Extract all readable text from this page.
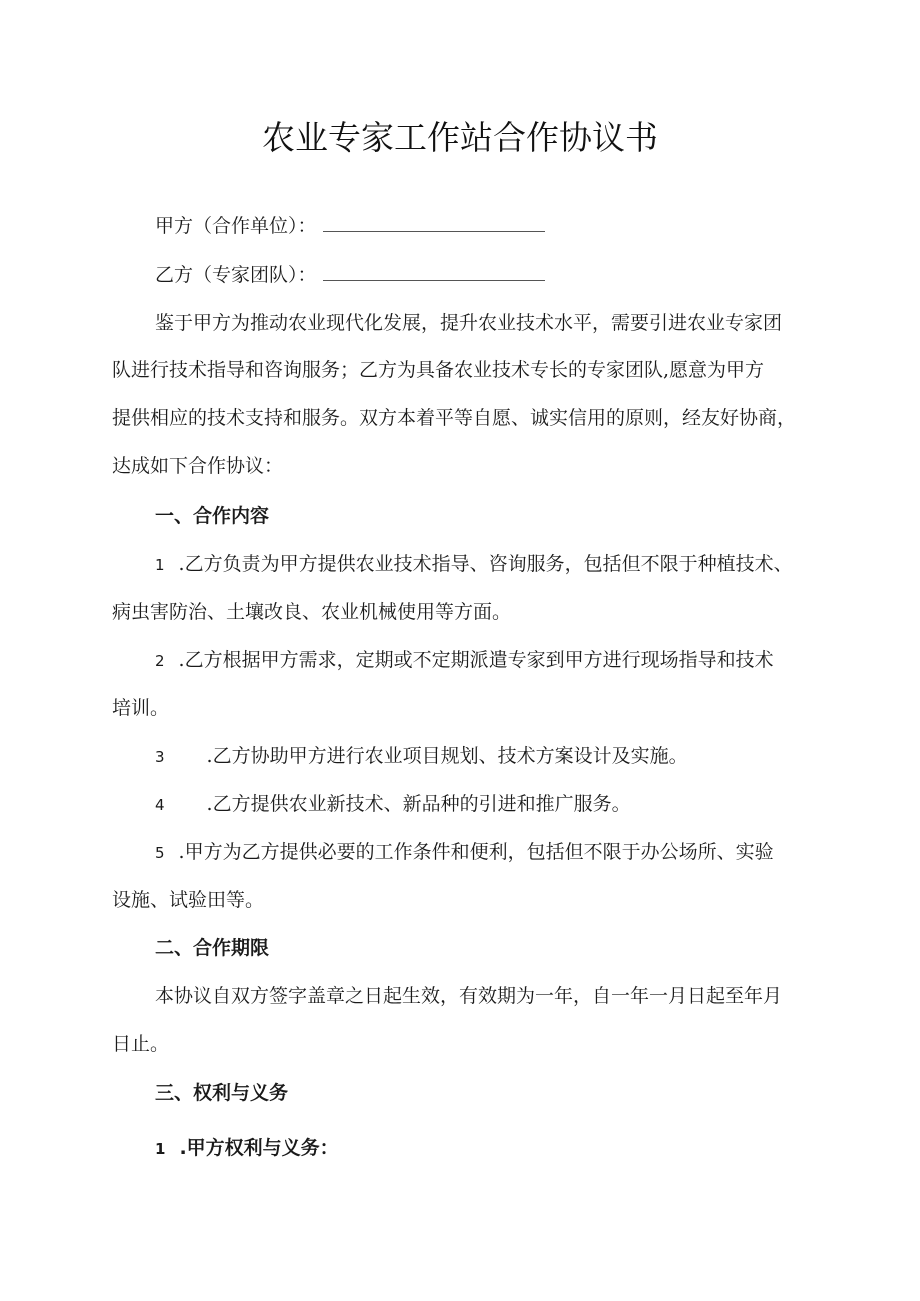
农业专家工作站合作协议书
甲方（合作单位）：
乙方（专家团队）：
鉴于甲方为推动农业现代化发展，提升农业技术水平，需要引进农业专家团
队进行技术指导和咨询服务；乙方为具备农业技术专长的专家团队,愿意为甲方
提供相应的技术支持和服务。双方本着平等自愿、诚实信用的原则，经友好协商，
达成如下合作协议：
一、合作内容
1 .乙方负责为甲方提供农业技术指导、咨询服务，包括但不限于种植技术、
病虫害防治、土壤改良、农业机械使用等方面。
2 .乙方根据甲方需求，定期或不定期派遣专家到甲方进行现场指导和技术
培训。
3 .乙方协助甲方进行农业项目规划、技术方案设计及实施。
4 .乙方提供农业新技术、新品种的引进和推广服务。
5 .甲方为乙方提供必要的工作条件和便利，包括但不限于办公场所、实验
设施、试验田等。
二、合作期限
本协议自双方签字盖章之日起生效，有效期为一年，自一年一月日起至年月
日止。
三、权利与义务
1 .甲方权利与义务：
